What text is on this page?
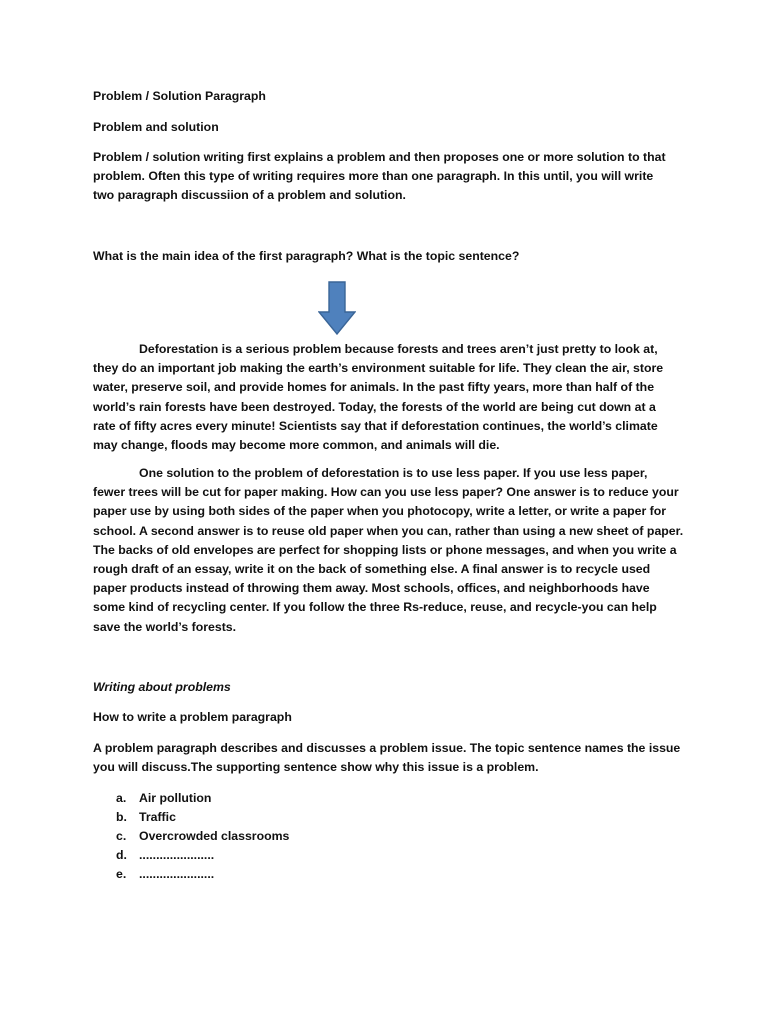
Problem / Solution Paragraph

Problem and solution

Problem / solution writing first explains a problem and then proposes one or more solution to that
problem. Often this type of writing requires more than one paragraph. In this until, you will write
two paragraph discussiion of a problem and solution.

What is the main idea of the first paragraph? What is the topic sentence?

Deforestation is a serious problem because forests and trees aren’t just pretty to look at,
they do an important job making the earth’s environment suitable for life. They clean the air, store
water, preserve soil, and provide homes for animals. In the past fifty years, more than half of the
world’s rain forests have been destroyed. Today, the forests of the world are being cut down at a
rate of fifty acres every minute! Scientists say that if deforestation continues, the world’s climate
may change, floods may become more common, and animals will die.

One solution to the problem of deforestation is to use less paper. If you use less paper,
fewer trees will be cut for paper making. How can you use less paper? One answer is to reduce your
paper use by using both sides of the paper when you photocopy, write a letter, or write a paper for
school. A second answer is to reuse old paper when you can, rather than using a new sheet of paper.
The backs of old envelopes are perfect for shopping lists or phone messages, and when you write a
rough draft of an essay, write it on the back of something else. A final answer is to recycle used
paper products instead of throwing them away. Most schools, offices, and neighborhoods have
some kind of recycling center. If you follow the three Rs-reduce, reuse, and recycle-you can help
save the world’s forests.

Writing about problems

How to write a problem paragraph

A problem paragraph describes and discusses a problem issue. The topic sentence names the issue
you will discuss.The supporting sentence show why this issue is a problem.

a. Air pollution
b. Traffic
c. Overcrowded classrooms
d. ......................
e. ......................
